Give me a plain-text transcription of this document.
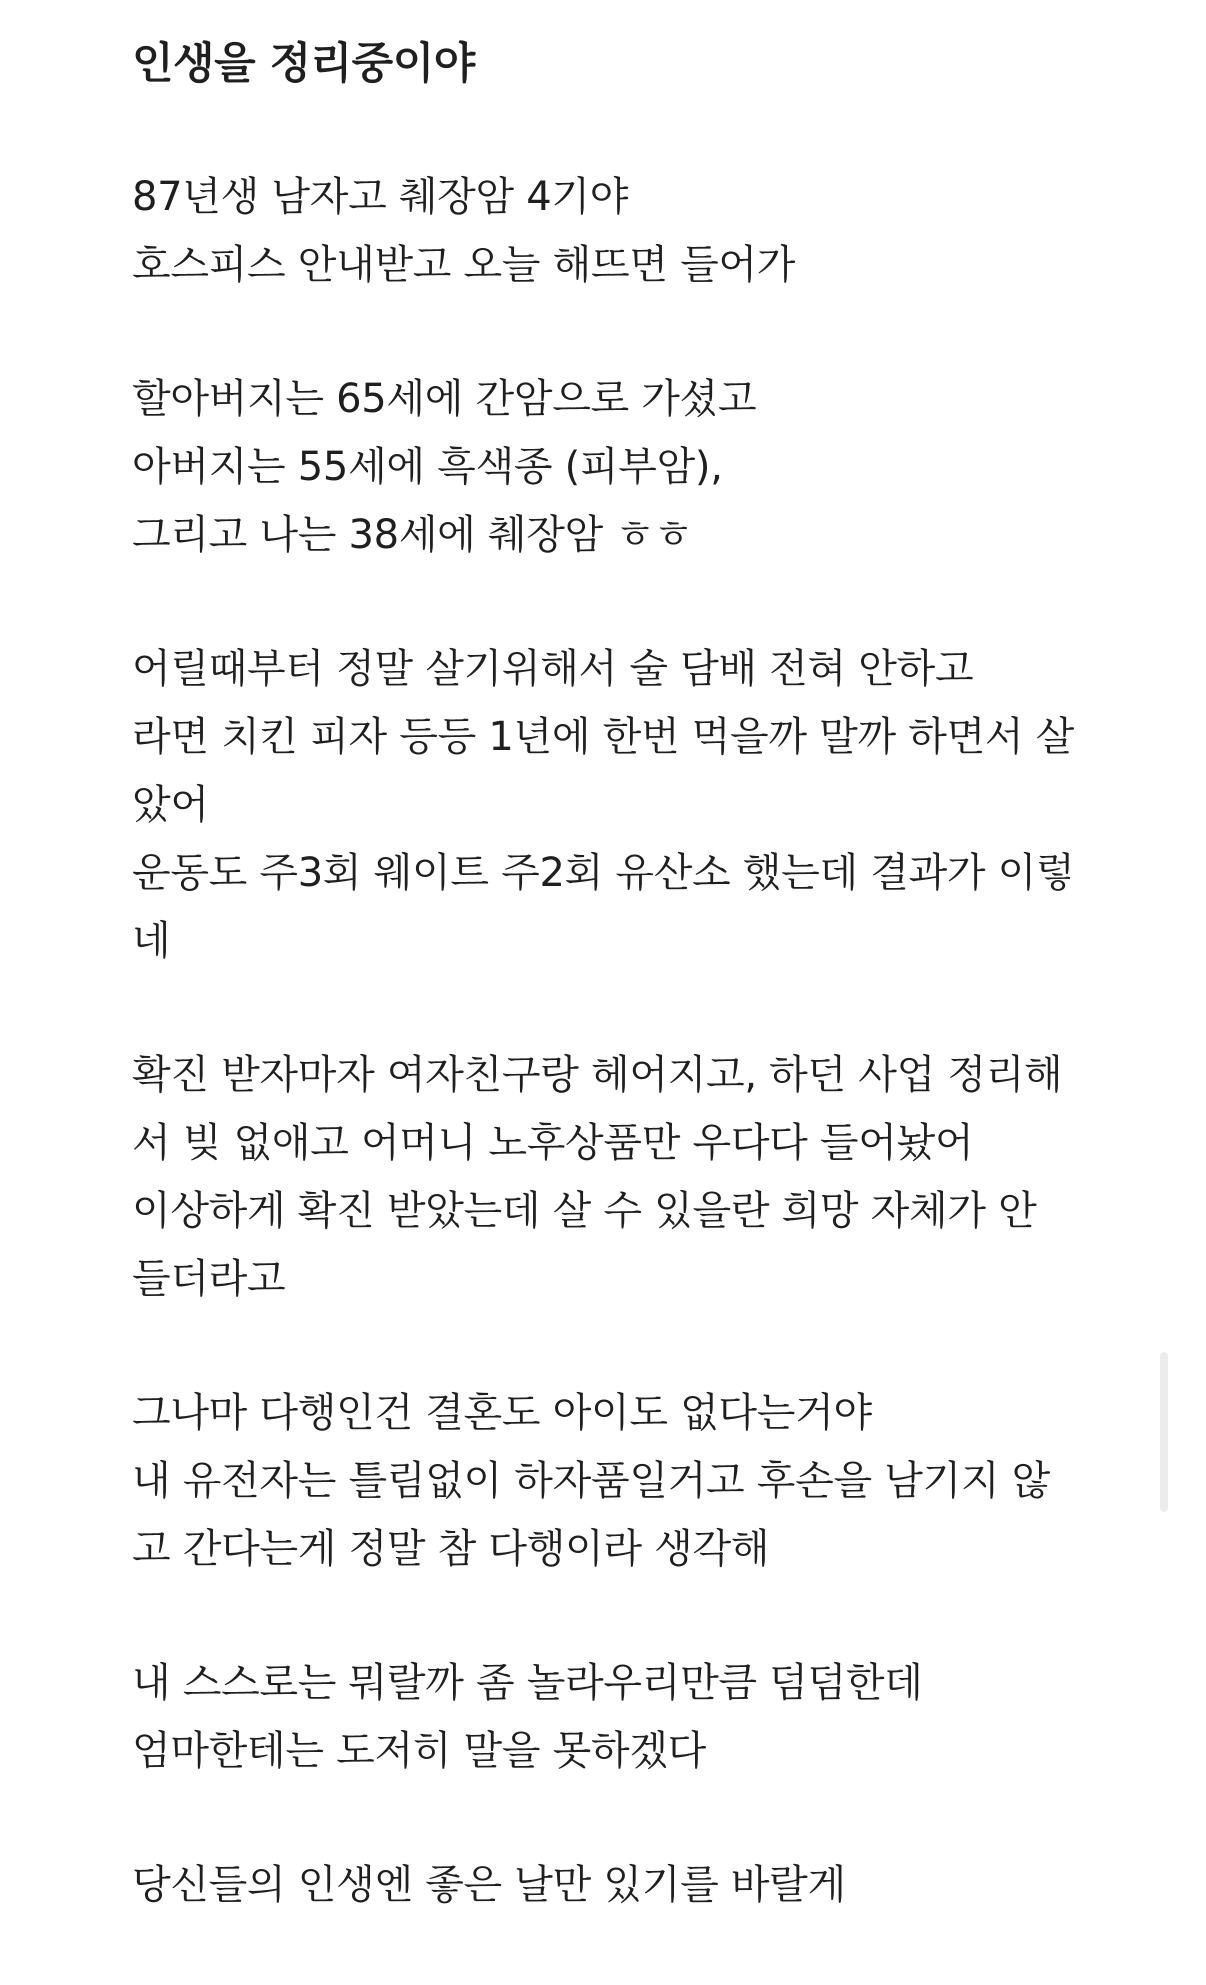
인생을 정리중이야
87년생 남자고 췌장암 4기야
호스피스 안내받고 오늘 해뜨면 들어가
할아버지는 65세에 간암으로 가셨고
아버지는 55세에 흑색종 (피부암),
그리고 나는 38세에 췌장암 ㅎㅎ
어릴때부터 정말 살기위해서 술 담배 전혀 안하고
라면 치킨 피자 등등 1년에 한번 먹을까 말까 하면서 살
았어
운동도 주3회 웨이트 주2회 유산소 했는데 결과가 이렇
네
확진 받자마자 여자친구랑 헤어지고, 하던 사업 정리해
서 빚 없애고 어머니 노후상품만 우다다 들어놨어
이상하게 확진 받았는데 살 수 있을란 희망 자체가 안
들더라고
그나마 다행인건 결혼도 아이도 없다는거야
내 유전자는 틀림없이 하자품일거고 후손을 남기지 않
고 간다는게 정말 참 다행이라 생각해
내 스스로는 뭐랄까 좀 놀라우리만큼 덤덤한데
엄마한테는 도저히 말을 못하겠다
당신들의 인생엔 좋은 날만 있기를 바랄게
